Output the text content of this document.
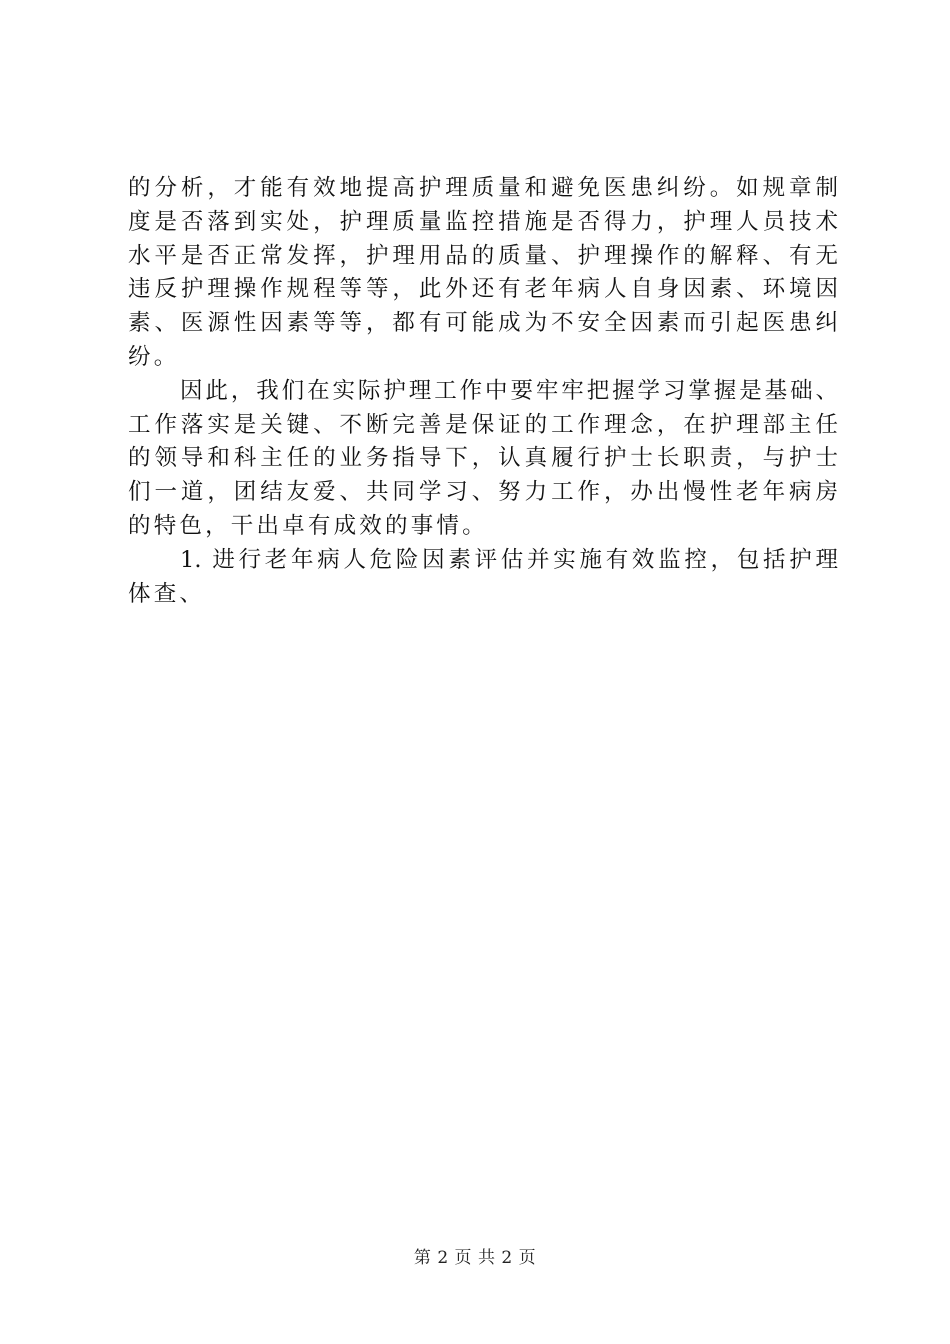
的分析，才能有效地提高护理质量和避免医患纠纷。如规章制
度是否落到实处，护理质量监控措施是否得力，护理人员技术
水平是否正常发挥，护理用品的质量、护理操作的解释、有无
违反护理操作规程等等，此外还有老年病人自身因素、环境因
素、医源性因素等等，都有可能成为不安全因素而引起医患纠
纷。
因此，我们在实际护理工作中要牢牢把握学习掌握是基础、
工作落实是关键、不断完善是保证的工作理念，在护理部主任
的领导和科主任的业务指导下，认真履行护士长职责，与护士
们一道，团结友爱、共同学习、努力工作，办出慢性老年病房
的特色，干出卓有成效的事情。
1. 进行老年病人危险因素评估并实施有效监控，包括护理
体查、
第 2 页 共 2 页
